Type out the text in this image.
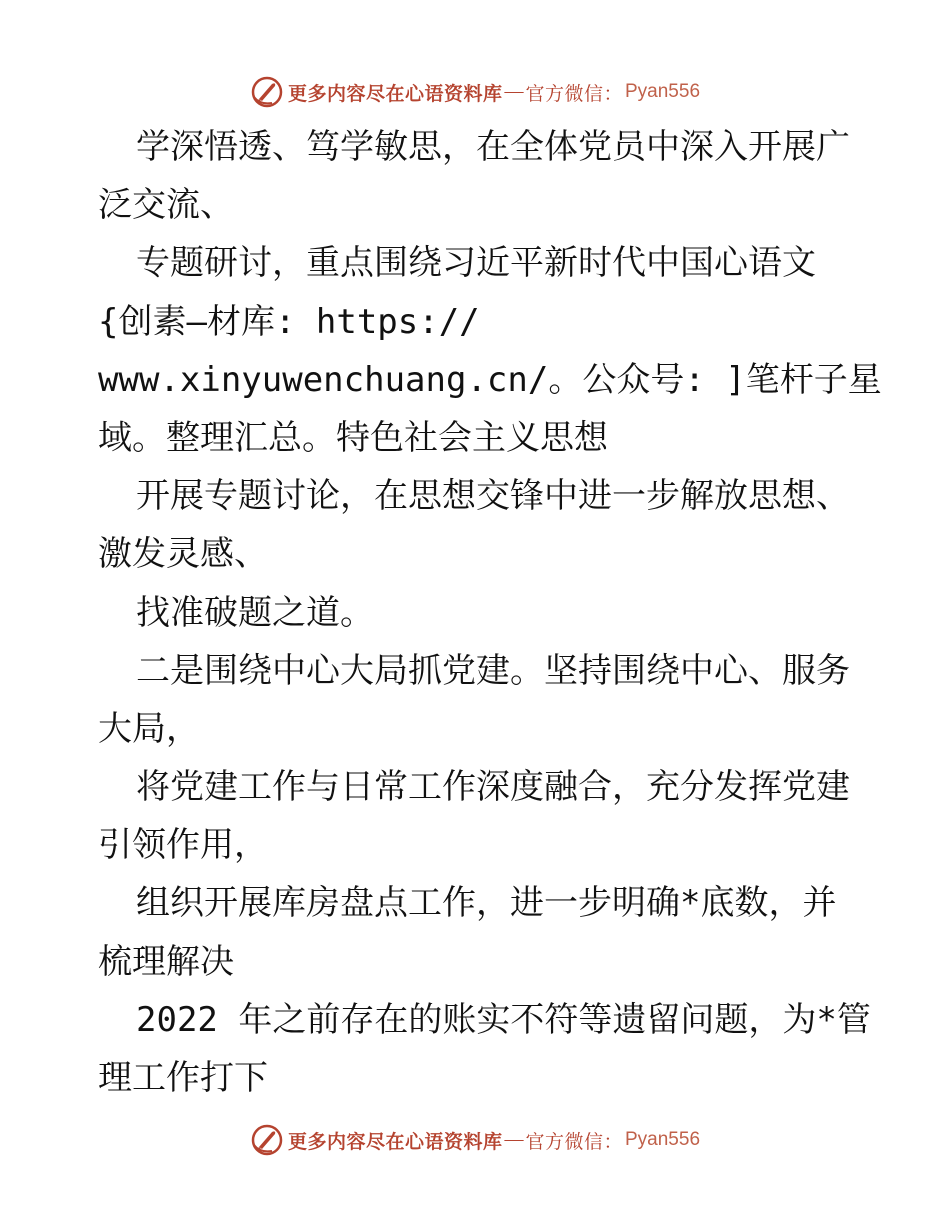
更多内容尽在心语资料库 — 官方微信： Pyan556
学深悟透、笃学敏思，在全体党员中深入开展广
泛交流、
专题研讨，重点围绕习近平新时代中国心语文
{创素—材库: https://
www.xinyuwenchuang.cn/。公众号: ]笔杆子星
域。整理汇总。特色社会主义思想
开展专题讨论，在思想交锋中进一步解放思想、
激发灵感、
找准破题之道。
二是围绕中心大局抓党建。坚持围绕中心、服务
大局，
将党建工作与日常工作深度融合，充分发挥党建
引领作用，
组织开展库房盘点工作，进一步明确*底数，并
梳理解决
2022 年之前存在的账实不符等遗留问题，为*管
理工作打下
更多内容尽在心语资料库 — 官方微信： Pyan556
